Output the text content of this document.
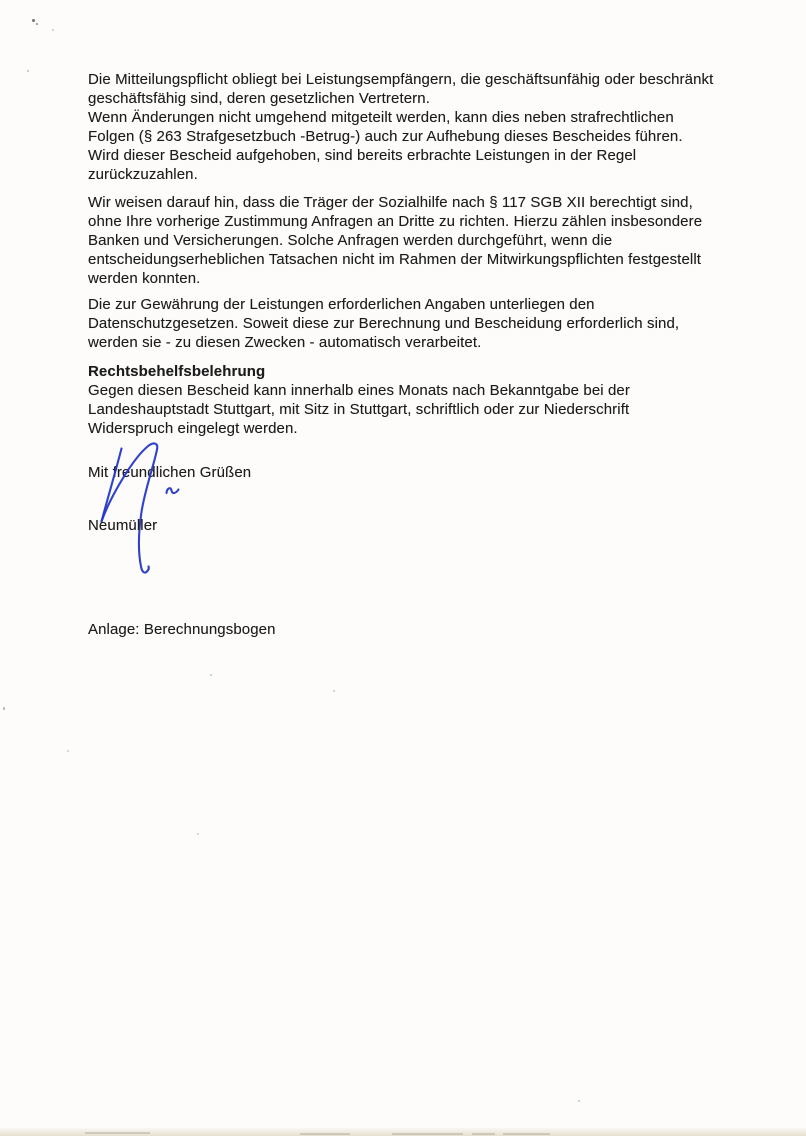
Die Mitteilungspflicht obliegt bei Leistungsempfängern, die geschäftsunfähig oder beschränkt
geschäftsfähig sind, deren gesetzlichen Vertretern.
Wenn Änderungen nicht umgehend mitgeteilt werden, kann dies neben strafrechtlichen
Folgen (§ 263 Strafgesetzbuch -Betrug-) auch zur Aufhebung dieses Bescheides führen.
Wird dieser Bescheid aufgehoben, sind bereits erbrachte Leistungen in der Regel
zurückzuzahlen.
Wir weisen darauf hin, dass die Träger der Sozialhilfe nach § 117 SGB XII berechtigt sind,
ohne Ihre vorherige Zustimmung Anfragen an Dritte zu richten. Hierzu zählen insbesondere
Banken und Versicherungen. Solche Anfragen werden durchgeführt, wenn die
entscheidungserheblichen Tatsachen nicht im Rahmen der Mitwirkungspflichten festgestellt
werden konnten.
Die zur Gewährung der Leistungen erforderlichen Angaben unterliegen den
Datenschutzgesetzen. Soweit diese zur Berechnung und Bescheidung erforderlich sind,
werden sie - zu diesen Zwecken - automatisch verarbeitet.
Rechtsbehelfsbelehrung
Gegen diesen Bescheid kann innerhalb eines Monats nach Bekanntgabe bei der
Landeshauptstadt Stuttgart, mit Sitz in Stuttgart, schriftlich oder zur Niederschrift
Widerspruch eingelegt werden.
Mit freundlichen Grüßen
Neumüller
Anlage: Berechnungsbogen
